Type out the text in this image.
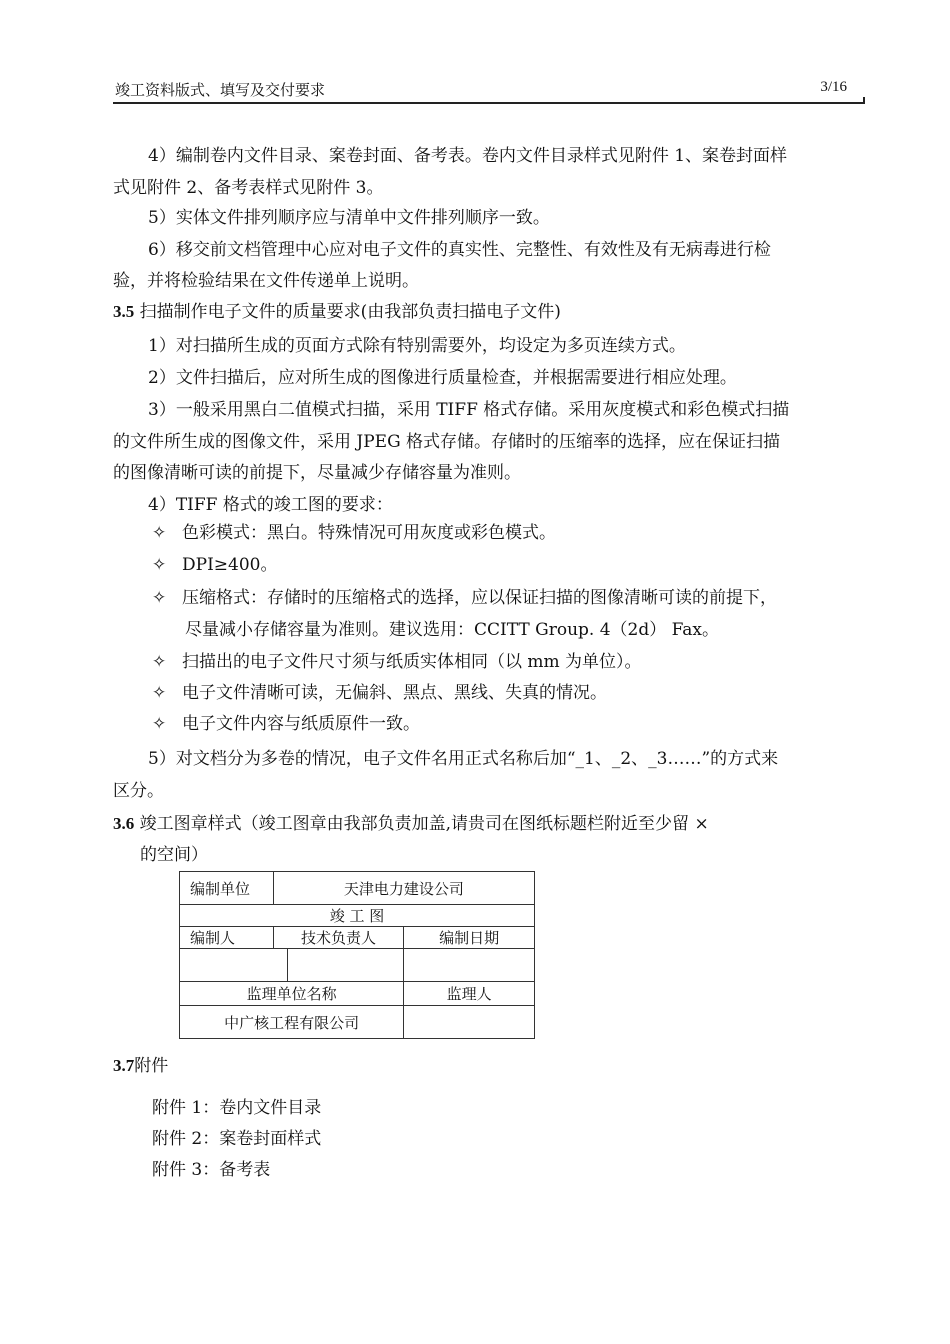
竣工资料版式、填写及交付要求	3/16
4）编制卷内文件目录、案卷封面、备考表。卷内文件目录样式见附件 1、案卷封面样
式见附件 2、备考表样式见附件 3。
5）实体文件排列顺序应与清单中文件排列顺序一致。
6）移交前文档管理中心应对电子文件的真实性、完整性、有效性及有无病毒进行检
验，并将检验结果在文件传递单上说明。
3.5 扫描制作电子文件的质量要求(由我部负责扫描电子文件)
1）对扫描所生成的页面方式除有特别需要外，均设定为多页连续方式。
2）文件扫描后，应对所生成的图像进行质量检查，并根据需要进行相应处理。
3）一般采用黑白二值模式扫描，采用 TIFF 格式存储。采用灰度模式和彩色模式扫描
的文件所生成的图像文件，采用 JPEG 格式存储。存储时的压缩率的选择，应在保证扫描
的图像清晰可读的前提下，尽量减少存储容量为准则。
4）TIFF 格式的竣工图的要求：
✧ 色彩模式：黑白。特殊情况可用灰度或彩色模式。
✧ DPI≥400。
✧ 压缩格式：存储时的压缩格式的选择，应以保证扫描的图像清晰可读的前提下，
尽量减小存储容量为准则。建议选用：CCITT Group. 4（2d） Fax。
✧ 扫描出的电子文件尺寸须与纸质实体相同（以 mm 为单位）。
✧ 电子文件清晰可读，无偏斜、黑点、黑线、失真的情况。
✧ 电子文件内容与纸质原件一致。
5）对文档分为多卷的情况，电子文件名用正式名称后加“_1、_2、_3……”的方式来
区分。
3.6 竣工图章样式（竣工图章由我部负责加盖,请贵司在图纸标题栏附近至少留 ×
的空间）
编制单位	天津电力建设公司		
竣 工 图			
编制人	技术负责人		编制日期

监理单位名称			监理人
中广核工程有限公司			
3.7附件
附件 1：卷内文件目录
附件 2：案卷封面样式
附件 3：备考表
